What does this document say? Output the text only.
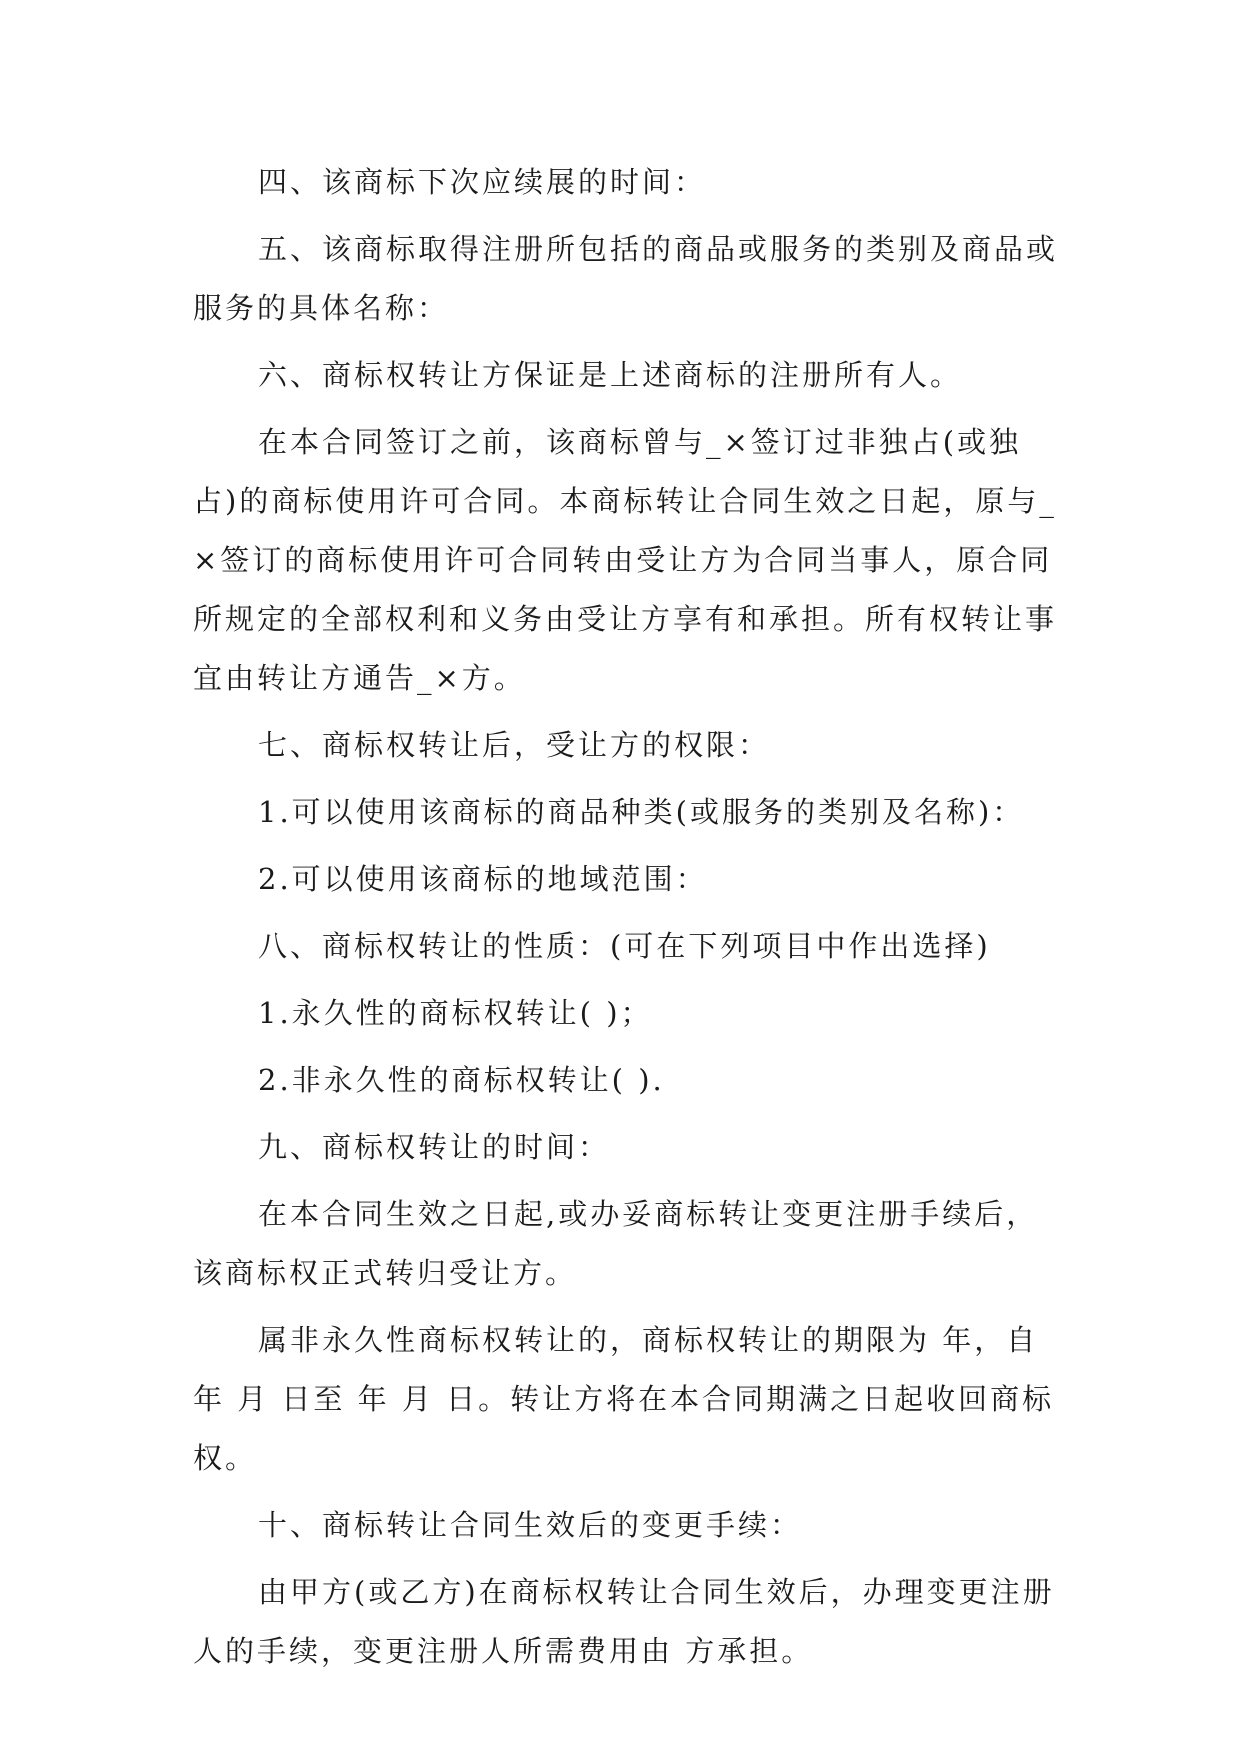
四、该商标下次应续展的时间：

五、该商标取得注册所包括的商品或服务的类别及商品或服务的具体名称：

六、商标权转让方保证是上述商标的注册所有人。

在本合同签订之前，该商标曾与_×签订过非独占(或独占)的商标使用许可合同。本商标转让合同生效之日起，原与_×签订的商标使用许可合同转由受让方为合同当事人，原合同所规定的全部权利和义务由受让方享有和承担。所有权转让事宜由转让方通告_×方。

七、商标权转让后，受让方的权限：

1.可以使用该商标的商品种类(或服务的类别及名称)：

2.可以使用该商标的地域范围：

八、商标权转让的性质：(可在下列项目中作出选择)

1.永久性的商标权转让( )；

2.非永久性的商标权转让( ).

九、商标权转让的时间：

在本合同生效之日起,或办妥商标转让变更注册手续后，该商标权正式转归受让方。

属非永久性商标权转让的，商标权转让的期限为 年，自 年 月 日至 年 月 日。转让方将在本合同期满之日起收回商标权。

十、商标转让合同生效后的变更手续：

由甲方(或乙方)在商标权转让合同生效后，办理变更注册人的手续，变更注册人所需费用由 方承担。
